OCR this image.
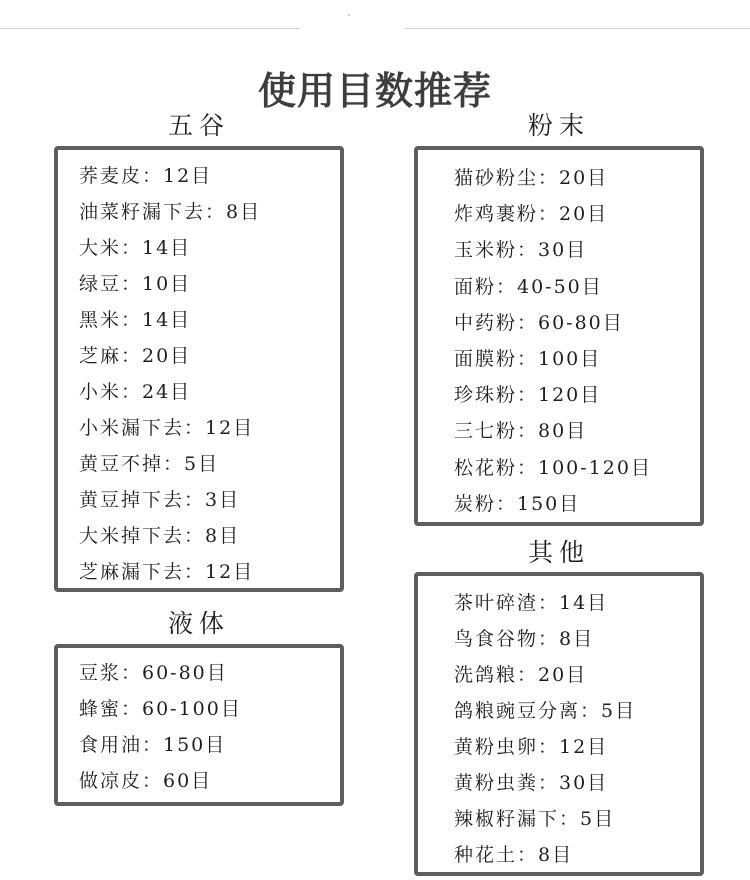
使用目数推荐
五谷
荞麦皮：12目
油菜籽漏下去：8目
大米：14目
绿豆：10目
黑米：14目
芝麻：20目
小米：24目
小米漏下去：12目
黄豆不掉：5目
黄豆掉下去：3目
大米掉下去：8目
芝麻漏下去：12目
液体
豆浆：60-80目
蜂蜜：60-100目
食用油：150目
做凉皮：60目
粉末
猫砂粉尘：20目
炸鸡裹粉：20目
玉米粉：30目
面粉：40-50目
中药粉：60-80目
面膜粉：100目
珍珠粉：120目
三七粉：80目
松花粉：100-120目
炭粉：150目
其他
茶叶碎渣：14目
鸟食谷物：8目
洗鸽粮：20目
鸽粮豌豆分离：5目
黄粉虫卵：12目
黄粉虫粪：30目
辣椒籽漏下：5目
种花土：8目
